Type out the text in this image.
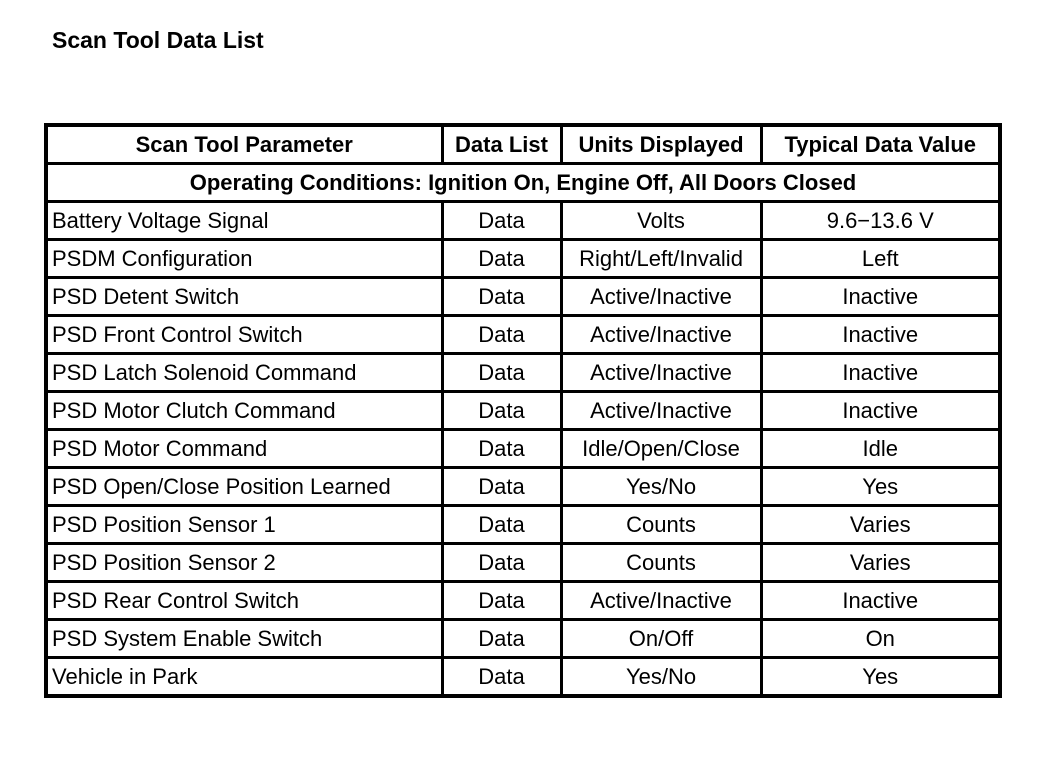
Scan Tool Data List
Scan Tool Parameter	Data List	Units Displayed	Typical Data Value
Operating Conditions: Ignition On, Engine Off, All Doors Closed			
Battery Voltage Signal	Data	Volts	9.6−13.6 V
PSDM Configuration	Data	Right/Left/Invalid	Left
PSD Detent Switch	Data	Active/Inactive	Inactive
PSD Front Control Switch	Data	Active/Inactive	Inactive
PSD Latch Solenoid Command	Data	Active/Inactive	Inactive
PSD Motor Clutch Command	Data	Active/Inactive	Inactive
PSD Motor Command	Data	Idle/Open/Close	Idle
PSD Open/Close Position Learned	Data	Yes/No	Yes
PSD Position Sensor 1	Data	Counts	Varies
PSD Position Sensor 2	Data	Counts	Varies
PSD Rear Control Switch	Data	Active/Inactive	Inactive
PSD System Enable Switch	Data	On/Off	On
Vehicle in Park	Data	Yes/No	Yes
